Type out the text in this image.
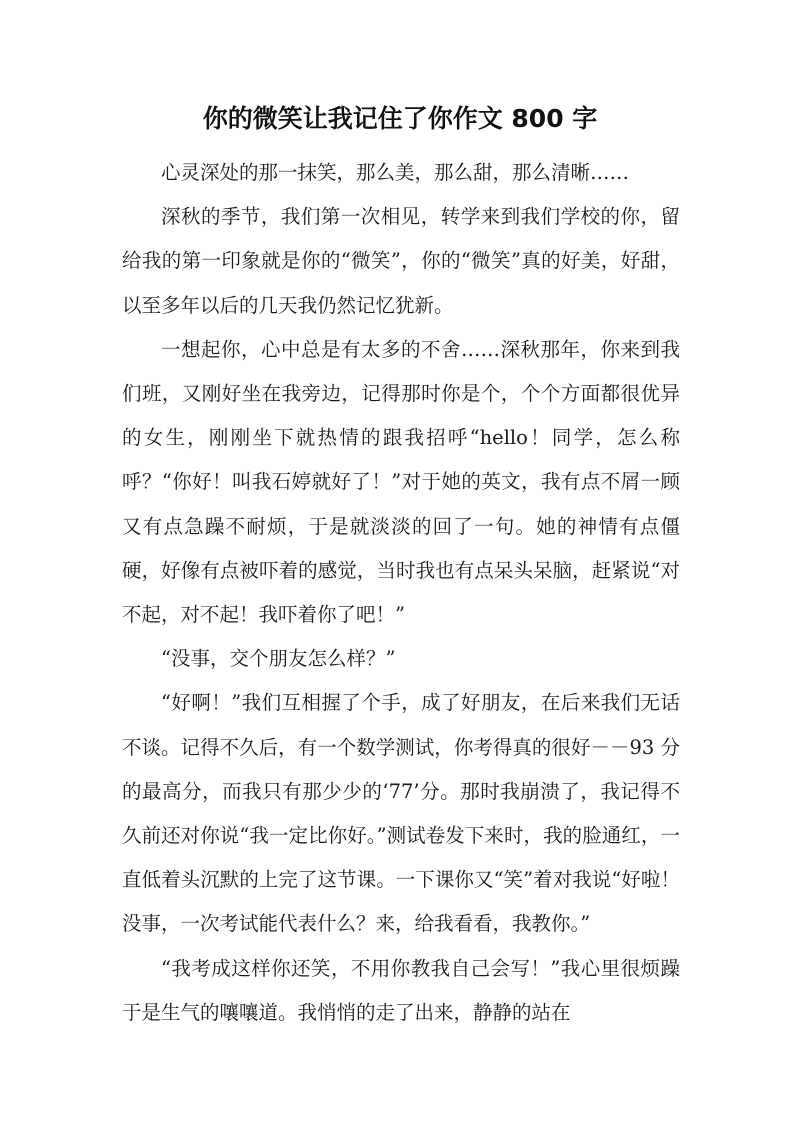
你的微笑让我记住了你作文 800 字

心灵深处的那一抹笑，那么美，那么甜，那么清晰……

深秋的季节，我们第一次相见，转学来到我们学校的你，留给我的第一印象就是你的“微笑”，你的“微笑”真的好美，好甜，以至多年以后的几天我仍然记忆犹新。

一想起你，心中总是有太多的不舍……深秋那年，你来到我们班，又刚好坐在我旁边，记得那时你是个，个个方面都很优异的女生，刚刚坐下就热情的跟我招呼“hello！同学，怎么称呼？“你好！叫我石婷就好了！”对于她的英文，我有点不屑一顾又有点急躁不耐烦，于是就淡淡的回了一句。她的神情有点僵硬，好像有点被吓着的感觉，当时我也有点呆头呆脑，赶紧说“对不起，对不起！我吓着你了吧！”

“没事，交个朋友怎么样？”

“好啊！”我们互相握了个手，成了好朋友，在后来我们无话不谈。记得不久后，有一个数学测试，你考得真的很好－－93 分的最高分，而我只有那少少的‘77’分。那时我崩溃了，我记得不久前还对你说“我一定比你好。”测试卷发下来时，我的脸通红，一直低着头沉默的上完了这节课。一下课你又“笑”着对我说“好啦！没事，一次考试能代表什么？来，给我看看，我教你。”

“我考成这样你还笑，不用你教我自己会写！”我心里很烦躁于是生气的嚷嚷道。我悄悄的走了出来，静静的站在
